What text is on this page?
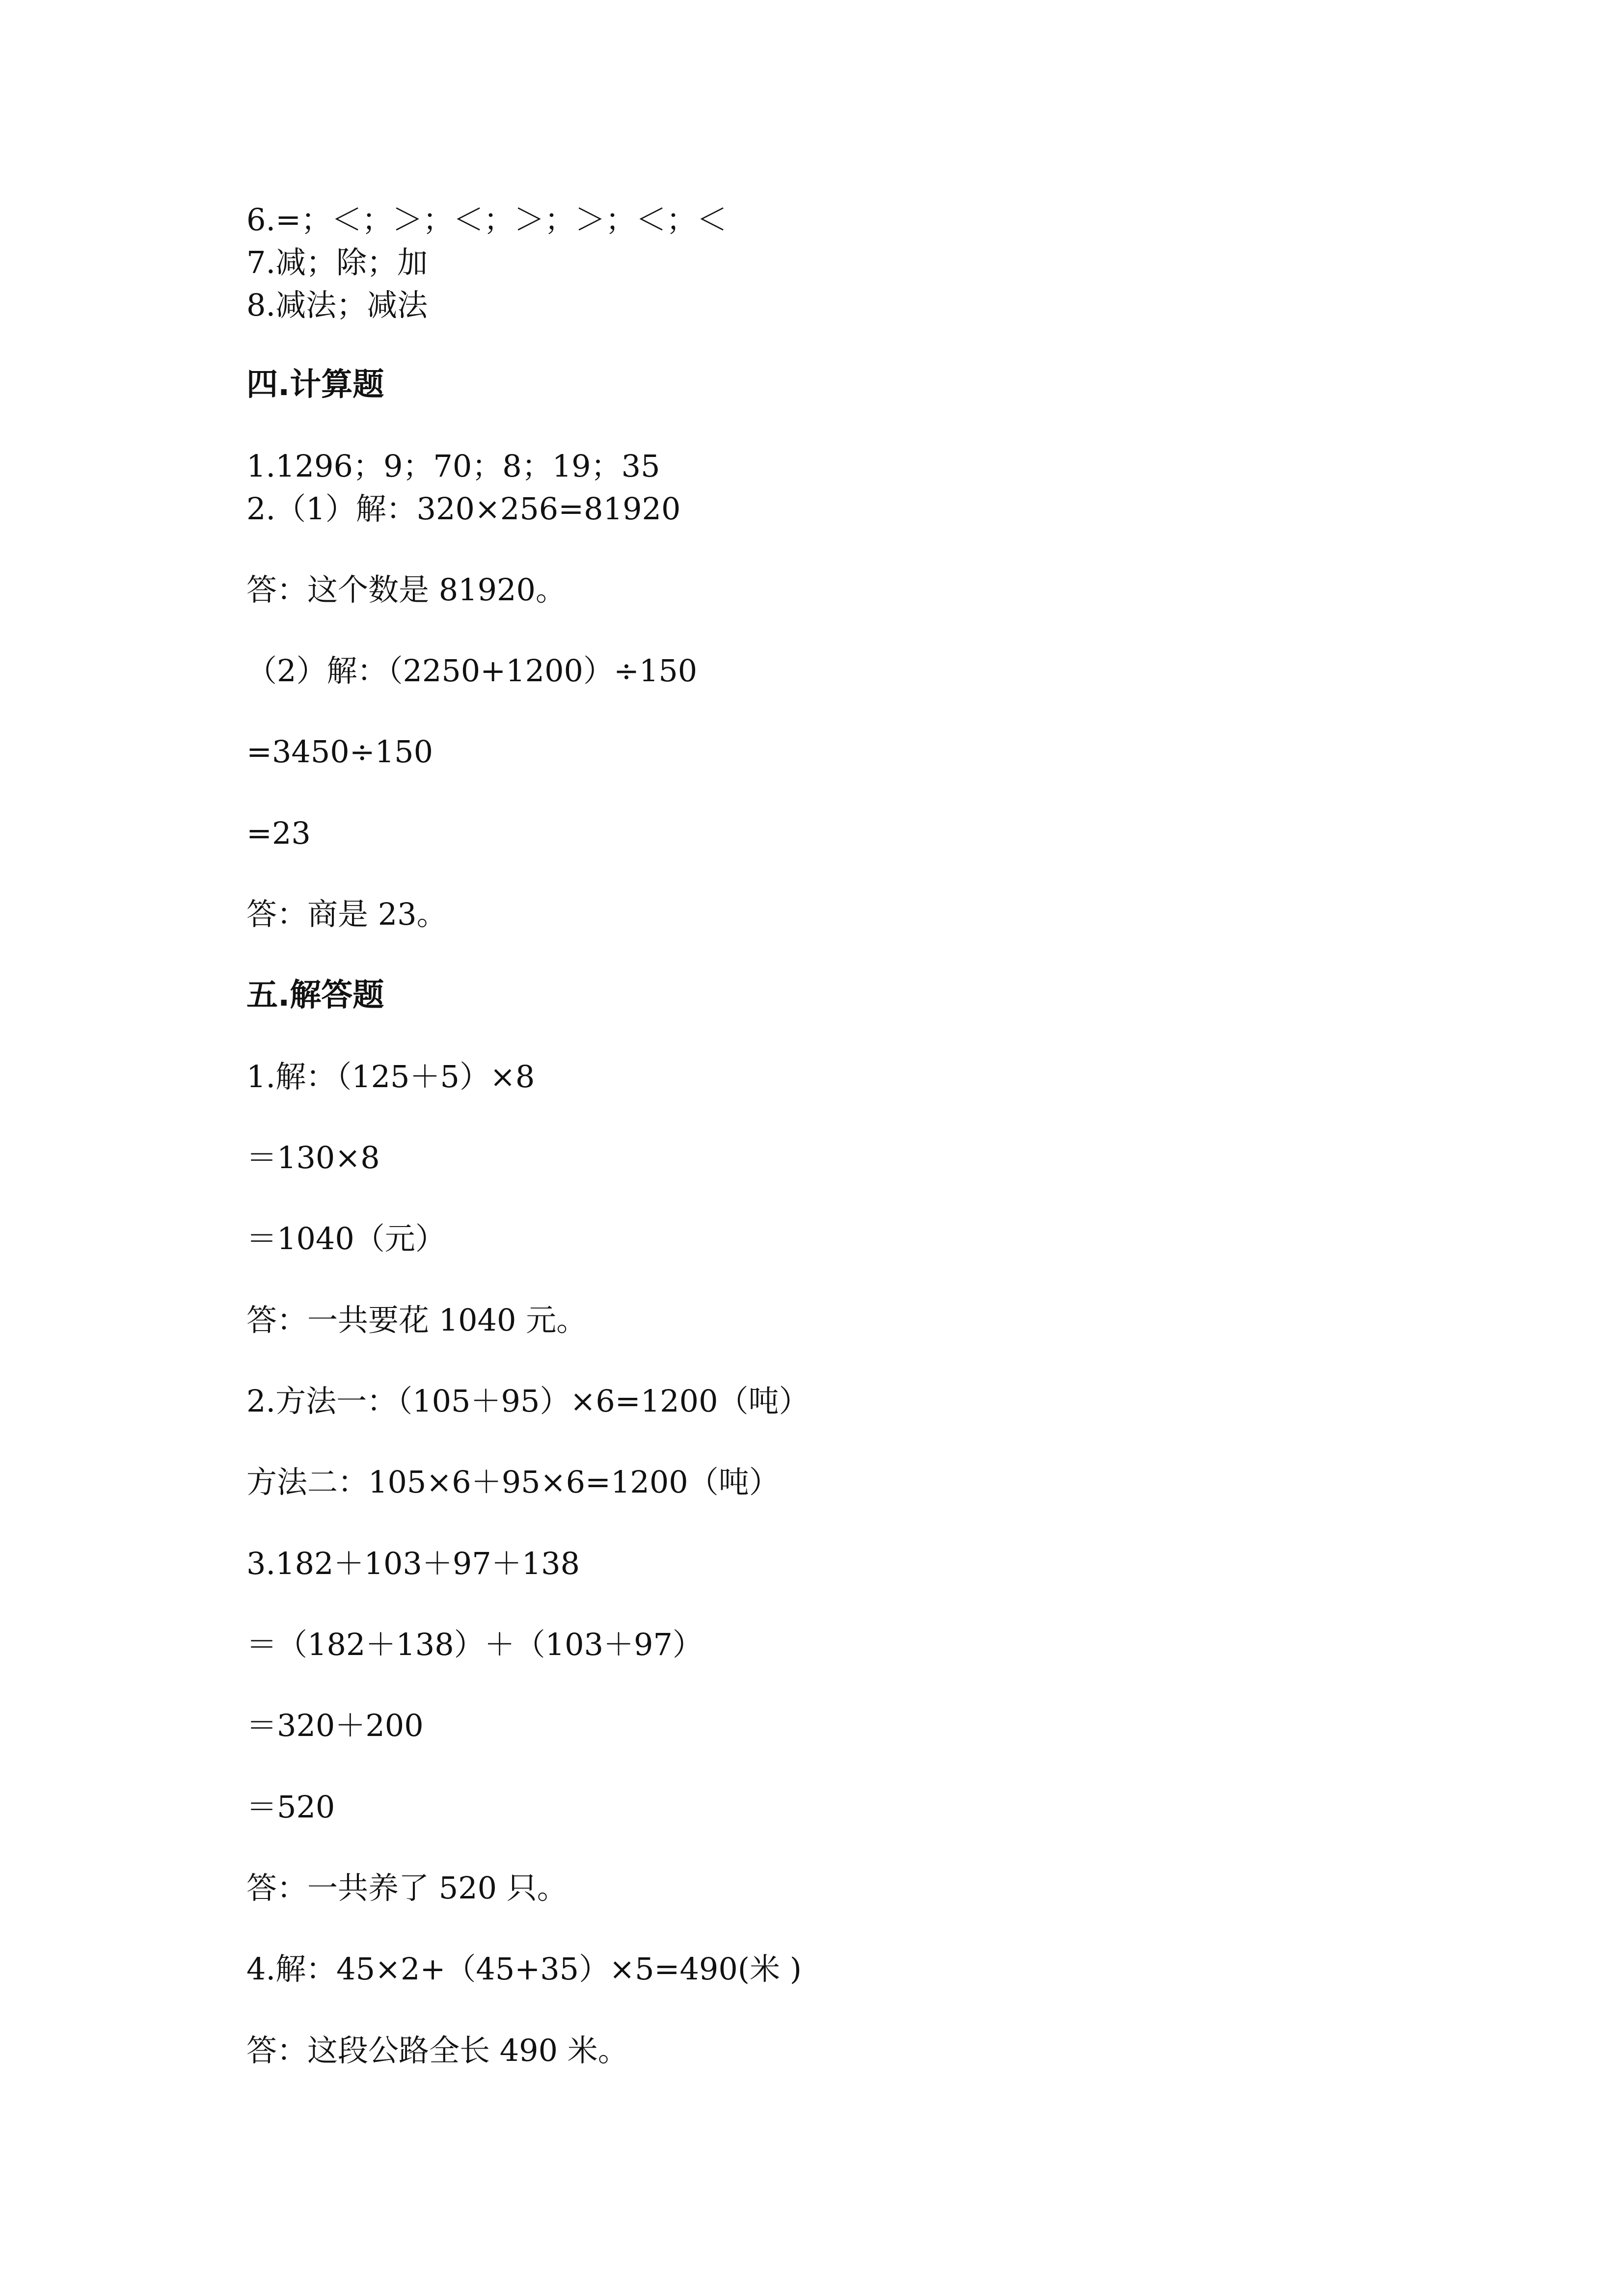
6.=；＜；＞；＜；＞；＞；＜；＜
7.减；除；加
8.减法；减法
四.计算题
1.1296；9；70；8；19；35
2.（1）解：320×256=81920
答：这个数是 81920。
（2）解：（2250+1200）÷150
=3450÷150
=23
答：商是 23。
五.解答题
1.解：（125＋5）×8
＝130×8
＝1040（元）
答：一共要花 1040 元。
2.方法一：（105＋95）×6=1200（吨）
方法二：105×6＋95×6=1200（吨）
3.182＋103＋97＋138
＝（182＋138）＋（103＋97）
＝320＋200
＝520
答：一共养了 520 只。
4.解：45×2+（45+35）×5=490(米 )
答：这段公路全长 490 米。
